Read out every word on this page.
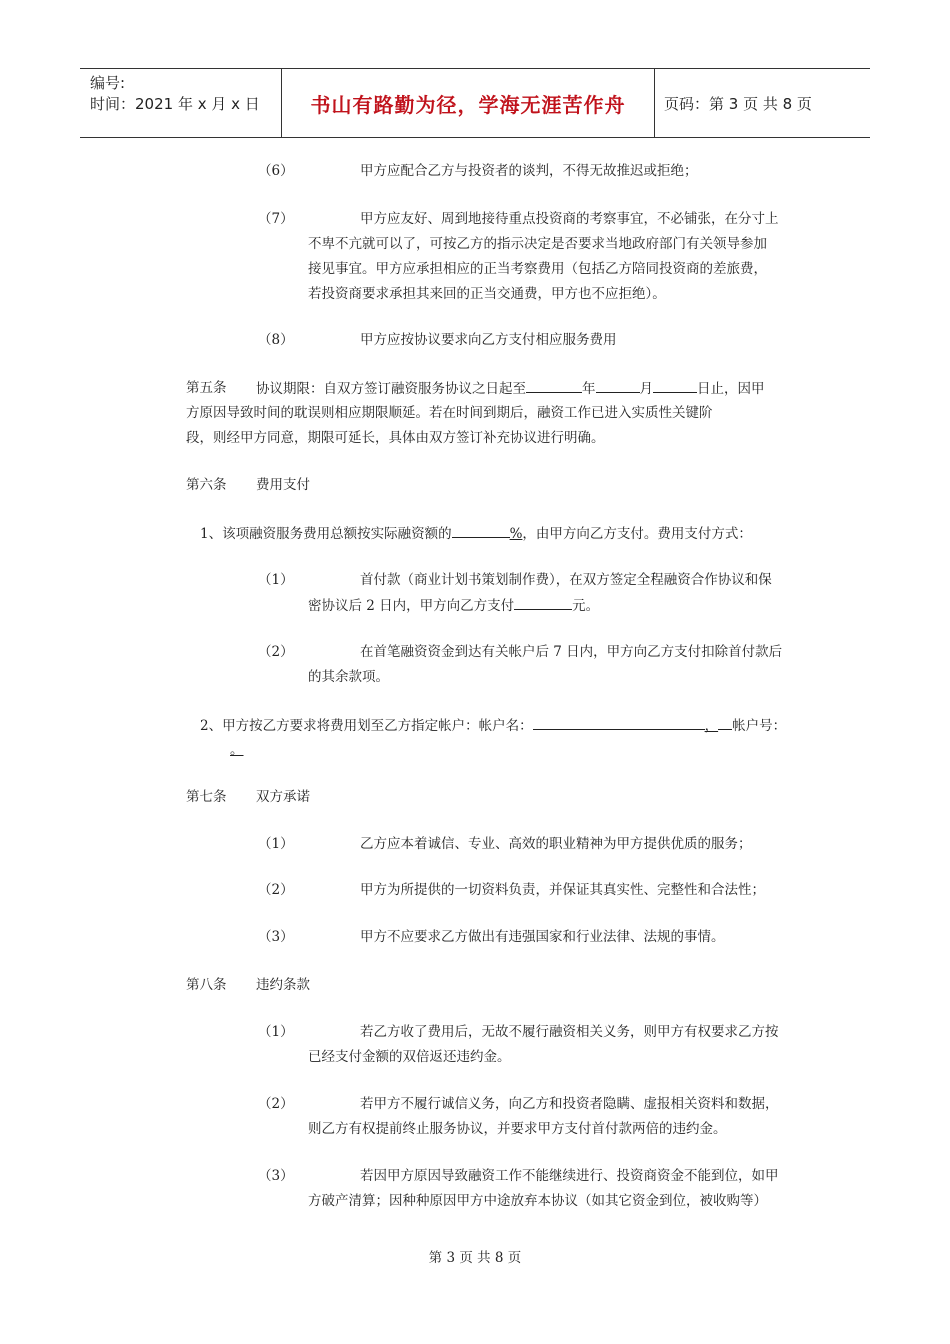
编号:
时间：2021 年 x 月 x 日	书山有路勤为径，学海无涯苦作舟	页码：第 3 页 共 8 页
（6）	甲方应配合乙方与投资者的谈判，不得无故推迟或拒绝；
（7）	甲方应友好、周到地接待重点投资商的考察事宜，不必铺张，在分寸上
不卑不亢就可以了，可按乙方的指示决定是否要求当地政府部门有关领导参加
接见事宜。甲方应承担相应的正当考察费用（包括乙方陪同投资商的差旅费，
若投资商要求承担其来回的正当交通费，甲方也不应拒绝）。
（8）	甲方应按协议要求向乙方支付相应服务费用
第五条 协议期限：自双方签订融资服务协议之日起至	年	月	日止，因甲
方原因导致时间的耽误则相应期限顺延。若在时间到期后，融资工作已进入实质性关键阶
段，则经甲方同意，期限可延长，具体由双方签订补充协议进行明确。
第六条 费用支付
1、该项融资服务费用总额按实际融资额的	%，由甲方向乙方支付。费用支付方式：
（1）	首付款（商业计划书策划制作费），在双方签定全程融资合作协议和保
密协议后 2 日内，甲方向乙方支付	元。
（2）	在首笔融资资金到达有关帐户后 7 日内，甲方向乙方支付扣除首付款后
的其余款项。
2、甲方按乙方要求将费用划至乙方指定帐户：帐户名：	， 帐户号：
。
第七条 双方承诺
（1）	乙方应本着诚信、专业、高效的职业精神为甲方提供优质的服务；
（2）	甲方为所提供的一切资料负责，并保证其真实性、完整性和合法性；
（3）	甲方不应要求乙方做出有违强国家和行业法律、法规的事情。
第八条 违约条款
（1）	若乙方收了费用后，无故不履行融资相关义务，则甲方有权要求乙方按
已经支付金额的双倍返还违约金。
（2）	若甲方不履行诚信义务，向乙方和投资者隐瞒、虚报相关资料和数据，
则乙方有权提前终止服务协议，并要求甲方支付首付款两倍的违约金。
（3）	若因甲方原因导致融资工作不能继续进行、投资商资金不能到位，如甲
方破产清算；因种种原因甲方中途放弃本协议（如其它资金到位，被收购等）
第 3 页 共 8 页
